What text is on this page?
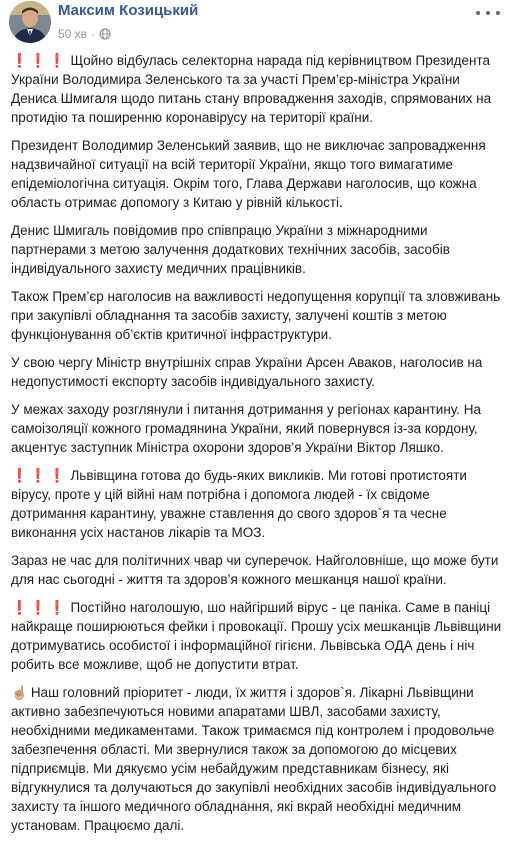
Максим Козицький
50 хв ·

❗❗❗ Щойно відбулась селекторна нарада під керівництвом Президента України Володимира Зеленського та за участі Прем’єр-міністра України Дениса Шмигаля щодо питань стану впровадження заходів, спрямованих на протидію та поширенню коронавірусу на території країни.

Президент Володимир Зеленський заявив, що не виключає запровадження надзвичайної ситуації на всій території України, якщо того вимагатиме епідеміологічна ситуація. Окрім того, Глава Держави наголосив, що кожна область отримає допомогу з Китаю у рівній кількості.

Денис Шмигаль повідомив про співпрацю України з міжнародними партнерами з метою залучення додаткових технічних засобів, засобів індивідуального захисту медичних працівників.

Також Прем’єр наголосив на важливості недопущення корупції та зловживань при закупівлі обладнання та засобів захисту, залучені коштів з метою функціонування об’єктів критичної інфраструктури.

У свою чергу Міністр внутрішніх справ України Арсен Аваков, наголосив на недопустимості експорту засобів індивідуального захисту.

У межах заходу розглянули і питання дотримання у регіонах карантину. На самоізоляції кожного громадянина України, який повернувся із-за кордону, акцентує заступник Міністра охорони здоров’я України Віктор Ляшко.

❗❗❗ Львівщина готова до будь-яких викликів. Ми готові протистояти вірусу, проте у цій війні нам потрібна і допомога людей - їх свідоме дотримання карантину, уважне ставлення до свого здоров`я та чесне виконання усіх настанов лікарів та МОЗ.

Зараз не час для політичних чвар чи суперечок. Найголовніше, що може бути для нас сьогодні - життя та здоров’я кожного мешканця нашої країни.

❗❗❗ Постійно наголошую, шо найгірший вірус - це паніка. Саме в паніці найкраще поширюються фейки і провокації. Прошу усіх мешканців Львівщини дотримуватись особистої і інформаційної гігієни. Львівська ОДА день і ніч робить все можливе, щоб не допустити втрат.

☝🏼 Наш головний пріоритет - люди, їх життя і здоров`я. Лікарні Львівщини активно забезпечуються новими апаратами ШВЛ, засобами захисту, необхідними медикаментами. Також тримаємся під контролем і продовольче забезпечення області. Ми звернулися також за допомогою до місцевих підприємців. Ми дякуємо усім небайдужим представникам бізнесу, які відгукнулися та долучаються до закупівлі необхідних засобів індивідуального захисту та іншого медичного обладнання, які вкрай необхідні медичним установам. Працюємо далі.
